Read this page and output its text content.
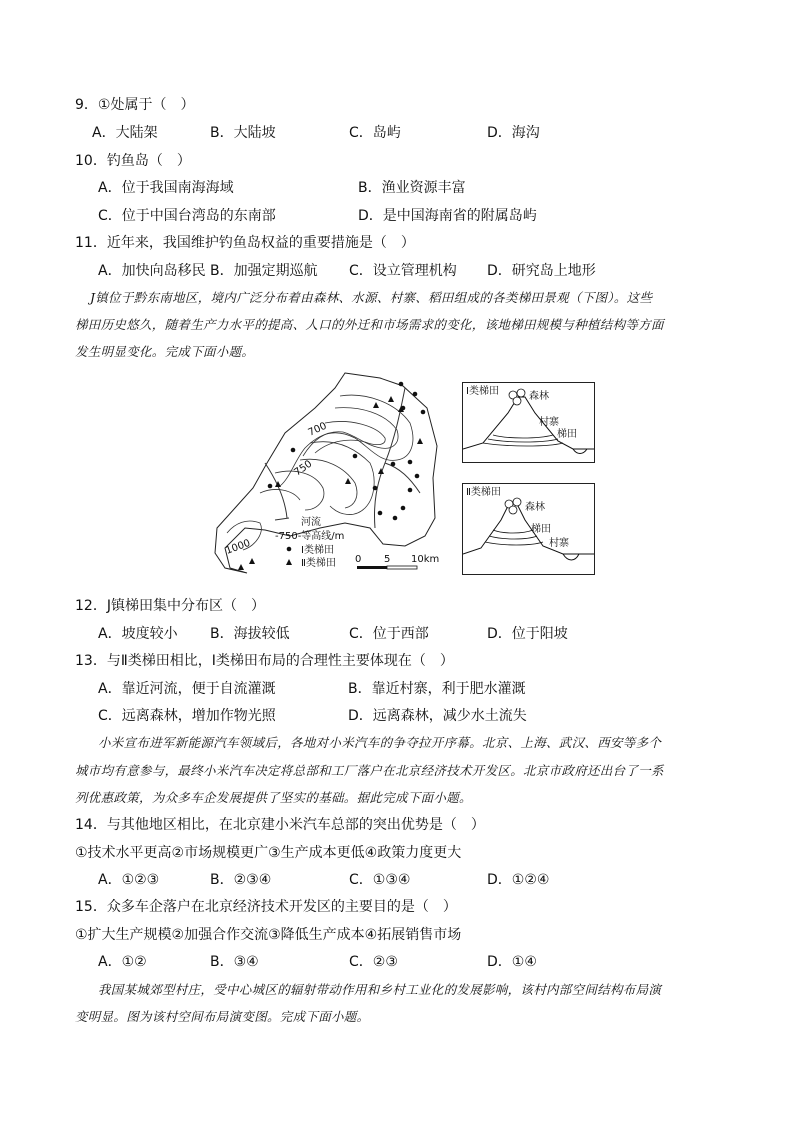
9．①处属于（　）
A．大陆架	B．大陆坡	C．岛屿	D．海沟
10．钓鱼岛（　）
A．位于我国南海海域	B．渔业资源丰富
C．位于中国台湾岛的东南部	D．是中国海南省的附属岛屿
11．近年来，我国维护钓鱼岛权益的重要措施是（　）
A．加快向岛移民 B．加强定期巡航 C．设立管理机构 D．研究岛上地形
J镇位于黔东南地区，境内广泛分布着由森林、水源、村寨、稻田组成的各类梯田景观（下图）。这些
梯田历史悠久，随着生产力水平的提高、人口的外迁和市场需求的变化，该地梯田规模与种植结构等方面
发生明显变化。完成下面小题。
700
750
1000
河流
-750-等高线/m
Ⅰ类梯田
Ⅱ类梯田 0 5 10km
Ⅰ类梯田	森林
村寨
梯田
Ⅱ类梯田
森林
梯田
村寨
12．J镇梯田集中分布区（　）
A．坡度较小 B．海拔较低	C．位于西部	D．位于阳坡
13．与Ⅱ类梯田相比，Ⅰ类梯田布局的合理性主要体现在（　）
A．靠近河流，便于自流灌溉	B．靠近村寨，利于肥水灌溉
C．远离森林，增加作物光照	D．远离森林，减少水土流失
小米宣布进军新能源汽车领域后，各地对小米汽车的争夺拉开序幕。北京、上海、武汉、西安等多个
城市均有意参与，最终小米汽车决定将总部和工厂落户在北京经济技术开发区。北京市政府还出台了一系
列优惠政策，为众多车企发展提供了坚实的基础。据此完成下面小题。
14．与其他地区相比，在北京建小米汽车总部的突出优势是（　）
①技术水平更高②市场规模更广③生产成本更低④政策力度更大
A．①②③	B．②③④	C．①③④	D．①②④
15．众多车企落户在北京经济技术开发区的主要目的是（　）
①扩大生产规模②加强合作交流③降低生产成本④拓展销售市场
A．①②	B．③④	C．②③	D．①④
我国某城郊型村庄，受中心城区的辐射带动作用和乡村工业化的发展影响，该村内部空间结构布局演
变明显。图为该村空间布局演变图。完成下面小题。
